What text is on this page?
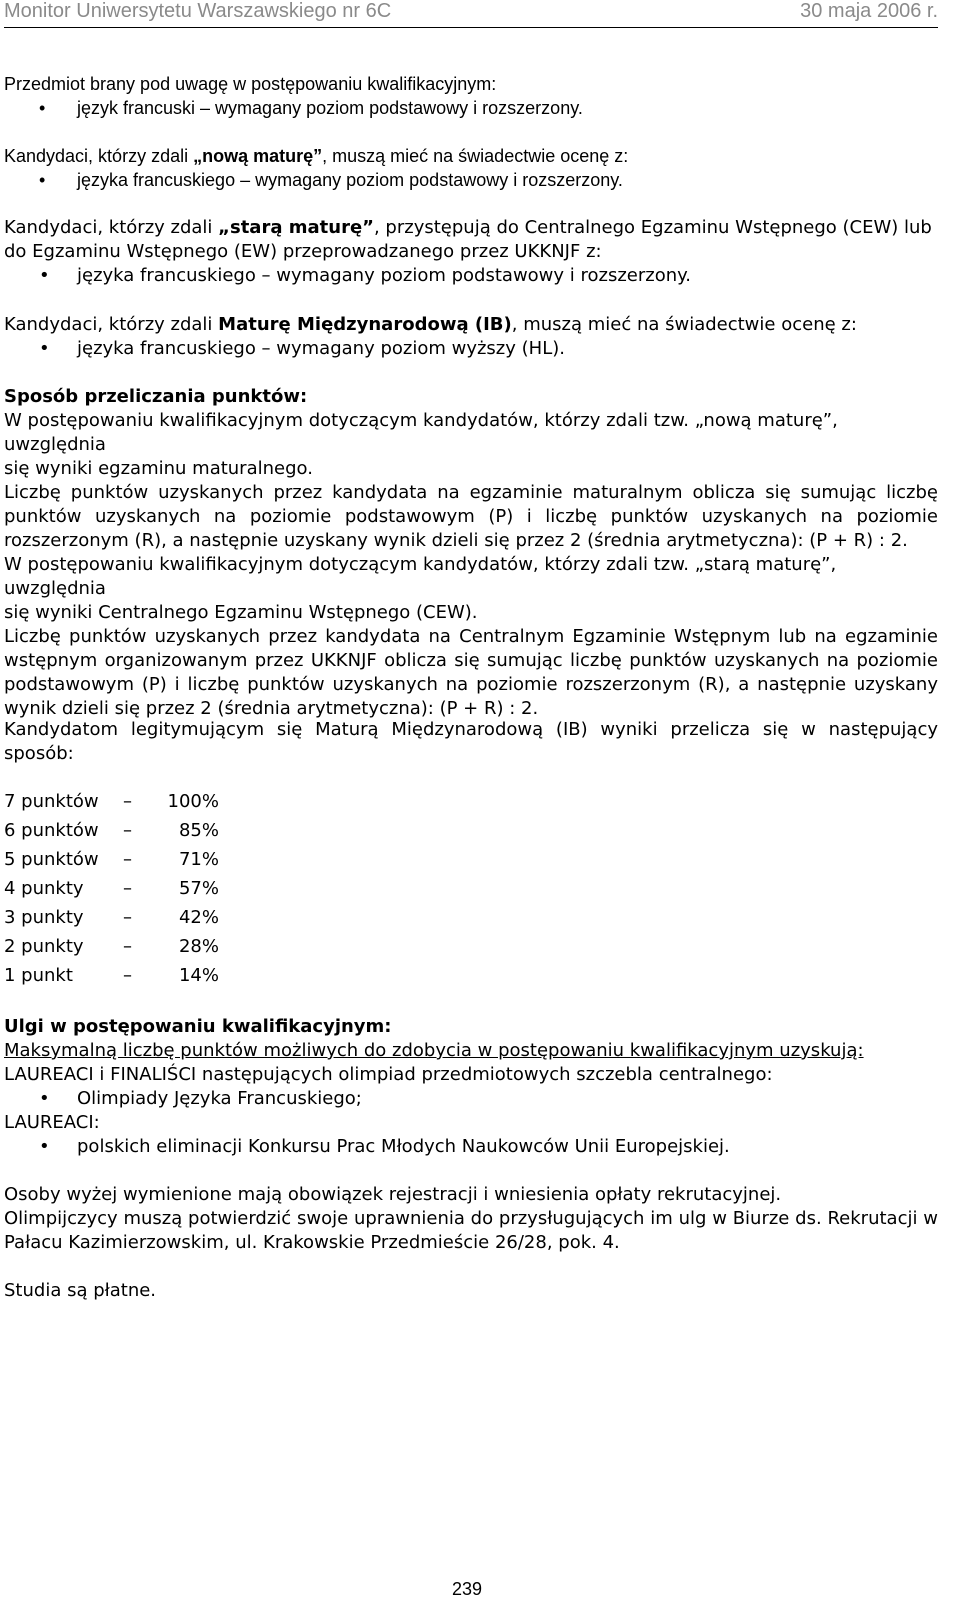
Monitor Uniwersytetu Warszawskiego nr 6C	30 maja 2006 r.
Przedmiot brany pod uwagę w postępowaniu kwalifikacyjnym:
• język francuski – wymagany poziom podstawowy i rozszerzony.
Kandydaci, którzy zdali „nową maturę”, muszą mieć na świadectwie ocenę z:
• języka francuskiego – wymagany poziom podstawowy i rozszerzony.
Kandydaci, którzy zdali „starą maturę”, przystępują do Centralnego Egzaminu Wstępnego (CEW) lub
do Egzaminu Wstępnego (EW) przeprowadzanego przez UKKNJF z:
• języka francuskiego – wymagany poziom podstawowy i rozszerzony.
Kandydaci, którzy zdali Maturę Międzynarodową (IB), muszą mieć na świadectwie ocenę z:
• języka francuskiego – wymagany poziom wyższy (HL).
Sposób przeliczania punktów:
W postępowaniu kwalifikacyjnym dotyczącym kandydatów, którzy zdali tzw. „nową maturę”, uwzględnia
się wyniki egzaminu maturalnego.
Liczbę punktów uzyskanych przez kandydata na egzaminie maturalnym oblicza się sumując liczbę punktów uzyskanych na poziomie podstawowym (P) i liczbę punktów uzyskanych na poziomie rozszerzonym (R), a następnie uzyskany wynik dzieli się przez 2 (średnia arytmetyczna): (P + R) : 2.
W postępowaniu kwalifikacyjnym dotyczącym kandydatów, którzy zdali tzw. „starą maturę”, uwzględnia
się wyniki Centralnego Egzaminu Wstępnego (CEW).
Liczbę punktów uzyskanych przez kandydata na Centralnym Egzaminie Wstępnym lub na egzaminie wstępnym organizowanym przez UKKNJF oblicza się sumując liczbę punktów uzyskanych na poziomie podstawowym (P) i liczbę punktów uzyskanych na poziomie rozszerzonym (R), a następnie uzyskany wynik dzieli się przez 2 (średnia arytmetyczna): (P + R) : 2.
Kandydatom legitymującym się Maturą Międzynarodową (IB) wyniki przelicza się w następujący sposób:
7 punktów –	100%
6 punktów –	85%
5 punktów –	71%
4 punkty –	57%
3 punkty –	42%
2 punkty –	28%
1 punkt	–	14%
Ulgi w postępowaniu kwalifikacyjnym:
Maksymalną liczbę punktów możliwych do zdobycia w postępowaniu kwalifikacyjnym uzyskują:
LAUREACI i FINALIŚCI następujących olimpiad przedmiotowych szczebla centralnego:
• Olimpiady Języka Francuskiego;
LAUREACI:
• polskich eliminacji Konkursu Prac Młodych Naukowców Unii Europejskiej.
Osoby wyżej wymienione mają obowiązek rejestracji i wniesienia opłaty rekrutacyjnej.
Olimpijczycy muszą potwierdzić swoje uprawnienia do przysługujących im ulg w Biurze ds. Rekrutacji w Pałacu Kazimierzowskim, ul. Krakowskie Przedmieście 26/28, pok. 4.
Studia są płatne.
239
